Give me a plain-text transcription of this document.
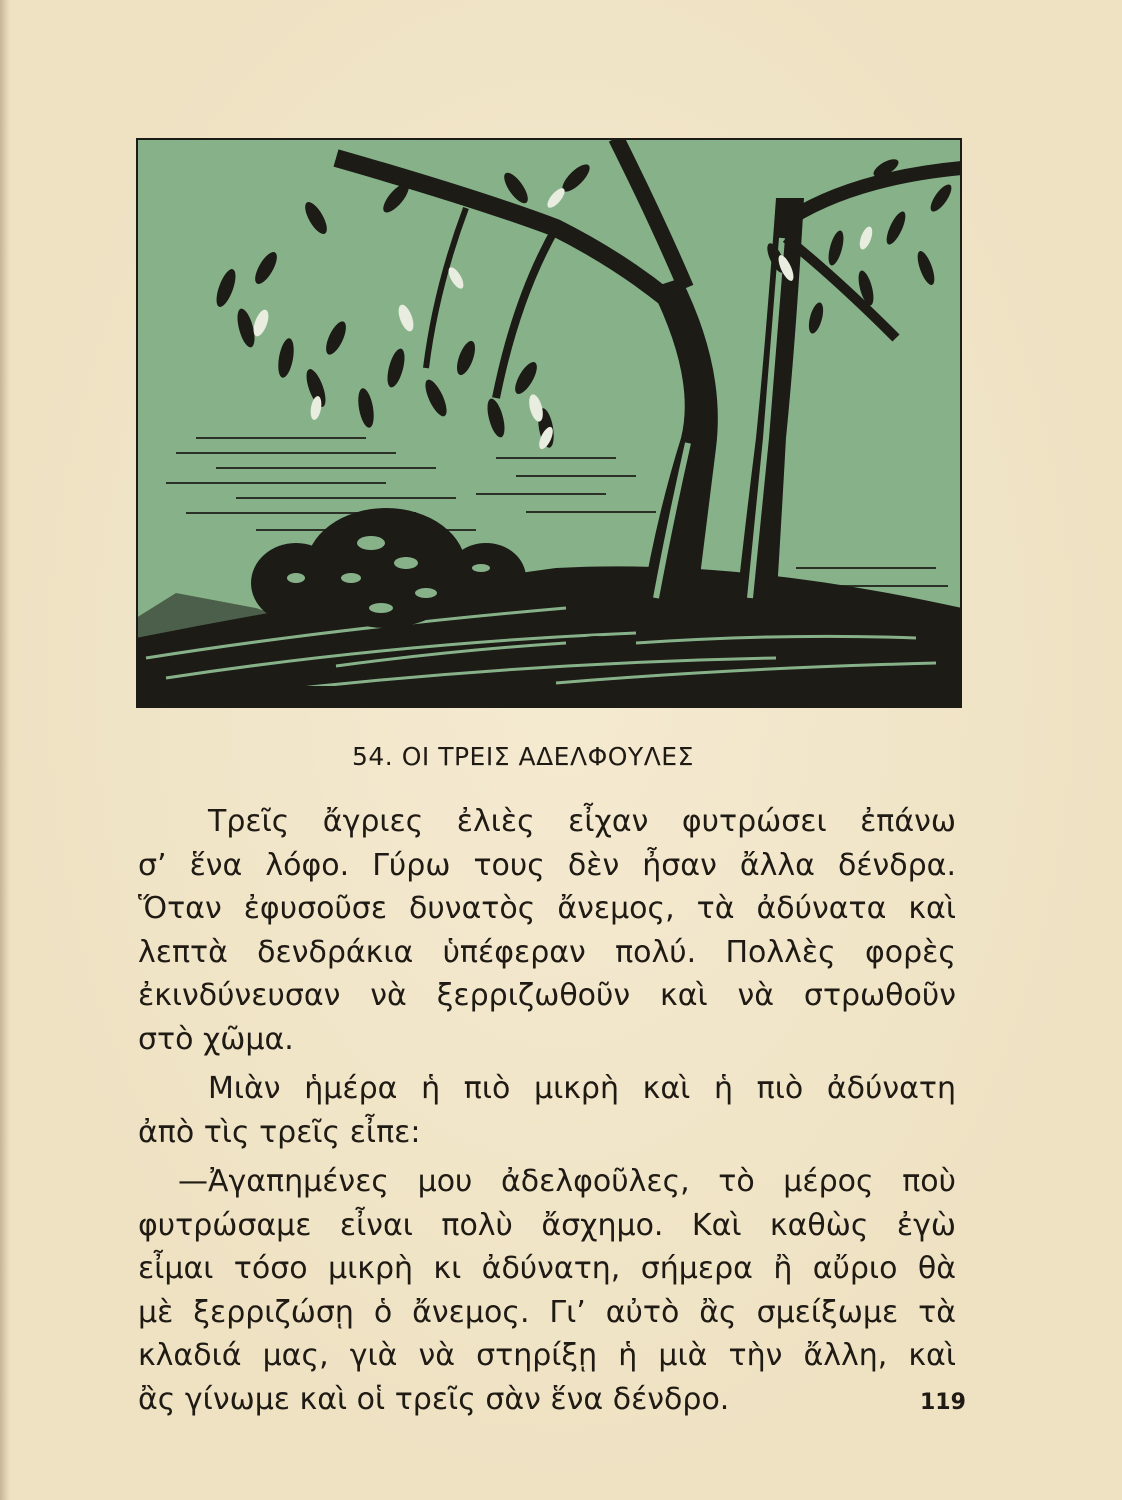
54. ΟΙ ΤΡΕΙΣ ΑΔΕΛΦΟΥΛΕΣ

Τρεῖς ἄγριες ἐλιὲς εἶχαν φυτρώσει ἐπάνω
σ’ ἕνα λόφο. Γύρω τους δὲν ἦσαν ἄλλα δένδρα.
Ὅταν ἐφυσοῦσε δυνατὸς ἄνεμος, τὰ ἀδύνατα καὶ
λεπτὰ δενδράκια ὑπέφεραν πολύ. Πολλὲς φορὲς
ἐκινδύνευσαν νὰ ξερριζωθοῦν καὶ νὰ στρωθοῦν
στὸ χῶμα.

Μιὰν ἡμέρα ἡ πιὸ μικρὴ καὶ ἡ πιὸ ἀδύνατη
ἀπὸ τὶς τρεῖς εἶπε:

—Ἀγαπημένες μου ἀδελφοῦλες, τὸ μέρος ποὺ
φυτρώσαμε εἶναι πολὺ ἄσχημο. Καὶ καθὼς ἐγὼ
εἶμαι τόσο μικρὴ κι ἀδύνατη, σήμερα ἢ αὔριο θὰ
μὲ ξερριζώσῃ ὁ ἄνεμος. Γι’ αὐτὸ ἂς σμείξωμε τὰ
κλαδιά μας, γιὰ νὰ στηρίξῃ ἡ μιὰ τὴν ἄλλη, καὶ
ἂς γίνωμε καὶ οἱ τρεῖς σὰν ἕνα δένδρο.	119
